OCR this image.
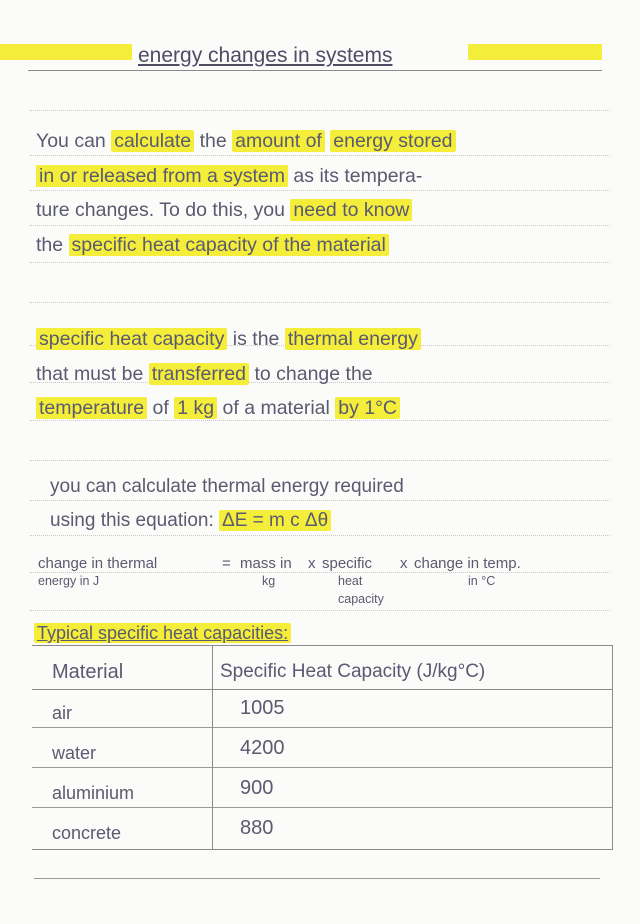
energy changes in systems
You can calculate the amount of energy stored
in or released from a system as its tempera-
ture changes. To do this, you need to know
the specific heat capacity of the material
specific heat capacity is the thermal energy
that must be transferred to change the
temperature of 1 kg of a material by 1°C
you can calculate thermal energy required
using this equation: ΔE = m c Δθ
change in thermal
energy in J
= mass in
kg
x specific
heat
capacity
x change in temp.
in °C
Typical specific heat capacities:
Material	Specific Heat Capacity (J/kg°C)
air	1005
water	4200
aluminium	900
concrete	880
